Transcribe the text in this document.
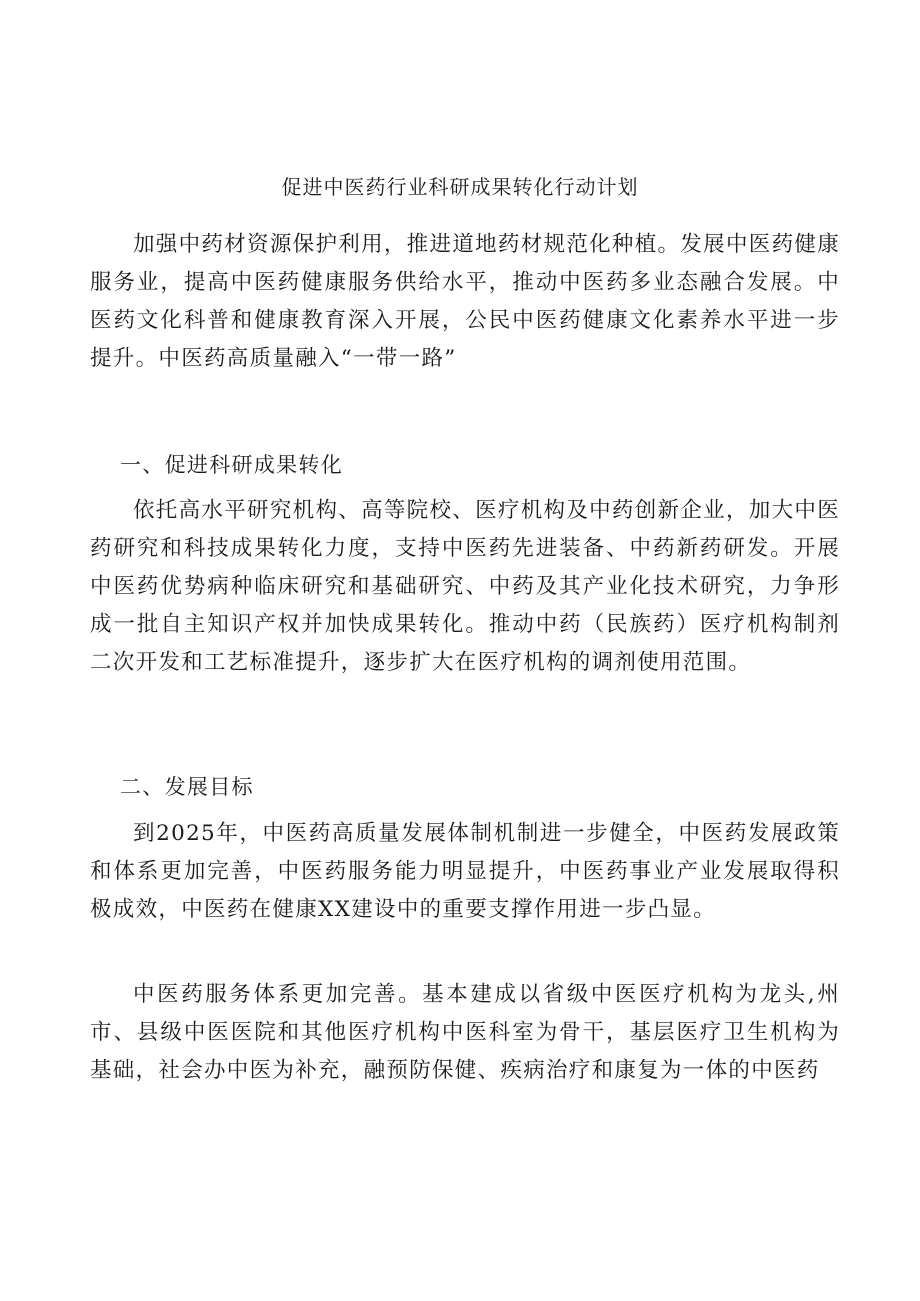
促进中医药行业科研成果转化行动计划
加强中药材资源保护利用，推进道地药材规范化种植。发展中医药健康服务业，提高中医药健康服务供给水平，推动中医药多业态融合发展。中医药文化科普和健康教育深入开展，公民中医药健康文化素养水平进一步提升。中医药高质量融入“一带一路”
一、促进科研成果转化
依托高水平研究机构、高等院校、医疗机构及中药创新企业，加大中医药研究和科技成果转化力度，支持中医药先进装备、中药新药研发。开展中医药优势病种临床研究和基础研究、中药及其产业化技术研究，力争形成一批自主知识产权并加快成果转化。推动中药（民族药）医疗机构制剂二次开发和工艺标准提升，逐步扩大在医疗机构的调剂使用范围。
二、发展目标
到2025年，中医药高质量发展体制机制进一步健全，中医药发展政策和体系更加完善，中医药服务能力明显提升，中医药事业产业发展取得积极成效，中医药在健康XX建设中的重要支撑作用进一步凸显。
中医药服务体系更加完善。基本建成以省级中医医疗机构为龙头,州市、县级中医医院和其他医疗机构中医科室为骨干，基层医疗卫生机构为基础，社会办中医为补充，融预防保健、疾病治疗和康复为一体的中医药
